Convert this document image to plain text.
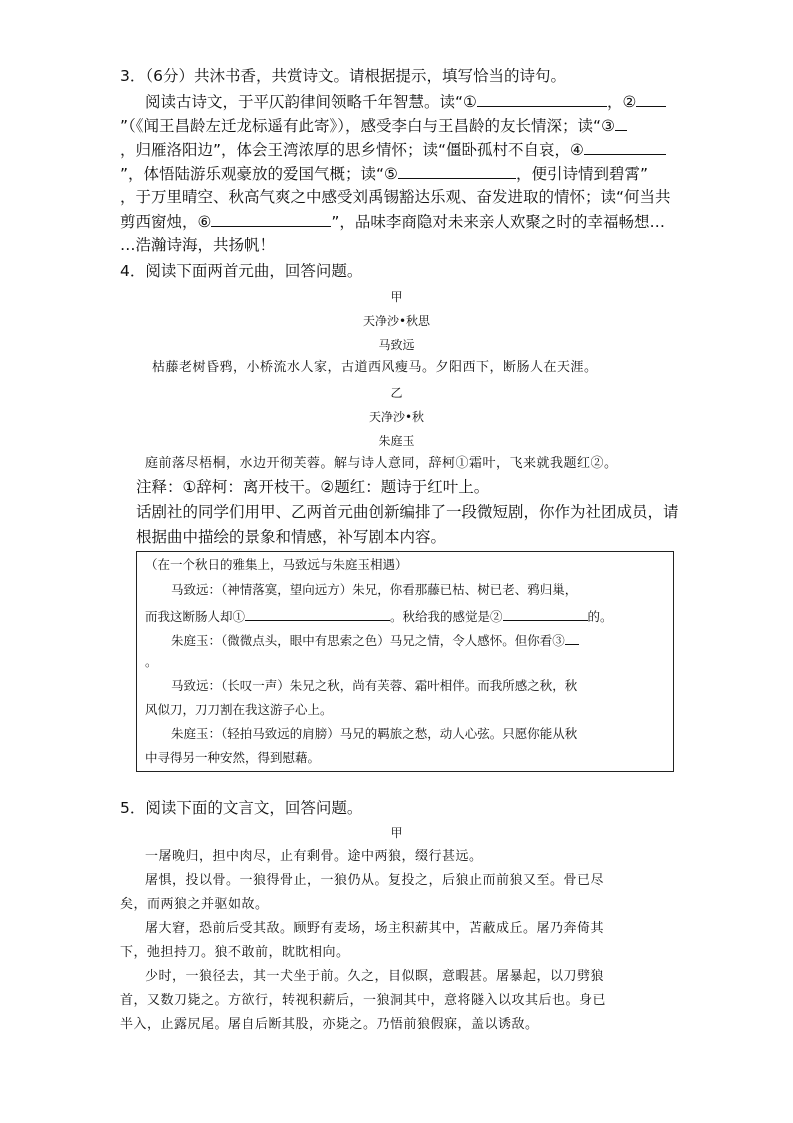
3．（6分）共沐书香，共赏诗文。请根据提示，填写恰当的诗句。
阅读古诗文，于平仄韵律间领略千年智慧。读“①	，②
”（《闻王昌龄左迁龙标遥有此寄》），感受李白与王昌龄的友长情深；读“③
，归雁洛阳边”，体会王湾浓厚的思乡情怀；读“僵卧孤村不自哀，④
”，体悟陆游乐观豪放的爱国气概；读“⑤	，便引诗情到碧霄”
，于万里晴空、秋高气爽之中感受刘禹锡豁达乐观、奋发进取的情怀；读“何当共
剪西窗烛，⑥	”，品味李商隐对未来亲人欢聚之时的幸福畅想…
…浩瀚诗海，共扬帆！
4．阅读下面两首元曲，回答问题。
甲
天净沙•秋思
马致远
枯藤老树昏鸦，小桥流水人家，古道西风瘦马。夕阳西下，断肠人在天涯。
乙
天净沙•秋
朱庭玉
庭前落尽梧桐，水边开彻芙蓉。解与诗人意同，辞柯①霜叶，飞来就我题红②。
注释：①辞柯：离开枝干。②题红：题诗于红叶上。
话剧社的同学们用甲、乙两首元曲创新编排了一段微短剧，你作为社团成员，请
根据曲中描绘的景象和情感，补写剧本内容。
（在一个秋日的雅集上，马致远与朱庭玉相遇）
马致远：（神情落寞，望向远方）朱兄，你看那藤已枯、树已老、鸦归巢，
而我这断肠人却①	。秋给我的感觉是②	的。
朱庭玉：（微微点头，眼中有思索之色）马兄之情，令人感怀。但你看③
。
马致远：（长叹一声）朱兄之秋，尚有芙蓉、霜叶相伴。而我所感之秋，秋
风似刀，刀刀割在我这游子心上。
朱庭玉：（轻拍马致远的肩膀）马兄的羁旅之愁，动人心弦。只愿你能从秋
中寻得另一种安然，得到慰藉。
5．阅读下面的文言文，回答问题。
甲
一屠晚归，担中肉尽，止有剩骨。途中两狼，缀行甚远。
屠惧，投以骨。一狼得骨止，一狼仍从。复投之，后狼止而前狼又至。骨已尽
矣，而两狼之并驱如故。
屠大窘，恐前后受其敌。顾野有麦场，场主积薪其中，苫蔽成丘。屠乃奔倚其
下，弛担持刀。狼不敢前，眈眈相向。
少时，一狼径去，其一犬坐于前。久之，目似瞑，意暇甚。屠暴起，以刀劈狼
首，又数刀毙之。方欲行，转视积薪后，一狼洞其中，意将隧入以攻其后也。身已
半入，止露尻尾。屠自后断其股，亦毙之。乃悟前狼假寐，盖以诱敌。
